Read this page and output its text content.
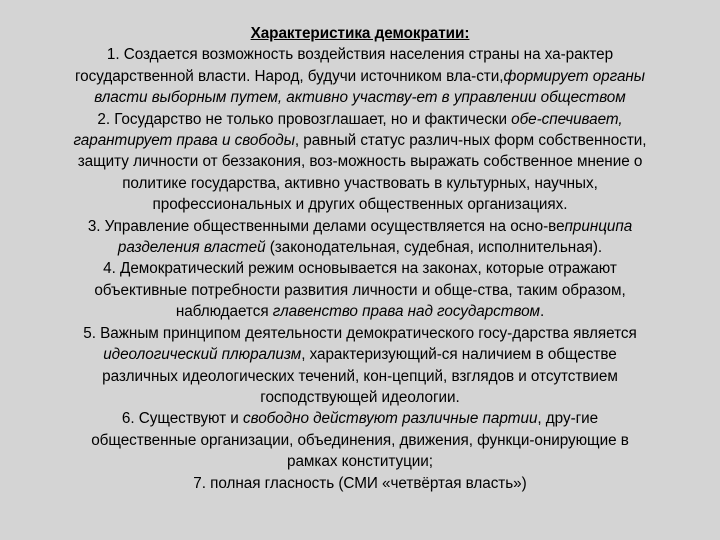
Характеристика демократии:
1. Создается возможность воздействия населения страны на ха-рактер
государственной власти. Народ, будучи источником вла-сти,формирует органы
власти выборным путем, активно участву-ет в управлении обществом
2. Государство не только провозглашает, но и фактически обе-спечивает,
гарантирует права и свободы, равный статус различ-ных форм собственности,
защиту личности от беззакония, воз-можность выражать собственное мнение о
политике государства, активно участвовать в культурных, научных,
профессиональных и других общественных организациях.
3. Управление общественными делами осуществляется на осно-вепринципа
разделения властей (законодательная, судебная, исполнительная).
4. Демократический режим основывается на законах, которые отражают
объективные потребности развития личности и обще-ства, таким образом,
наблюдается главенство права над государством.
5. Важным принципом деятельности демократического госу-дарства является
идеологический плюрализм, характеризующий-ся наличием в обществе
различных идеологических течений, кон-цепций, взглядов и отсутствием
господствующей идеологии.
6. Существуют и свободно действуют различные партии, дру-гие
общественные организации, объединения, движения, функци-онирующие в
рамках конституции;
7. полная гласность (СМИ «четвёртая власть»)
